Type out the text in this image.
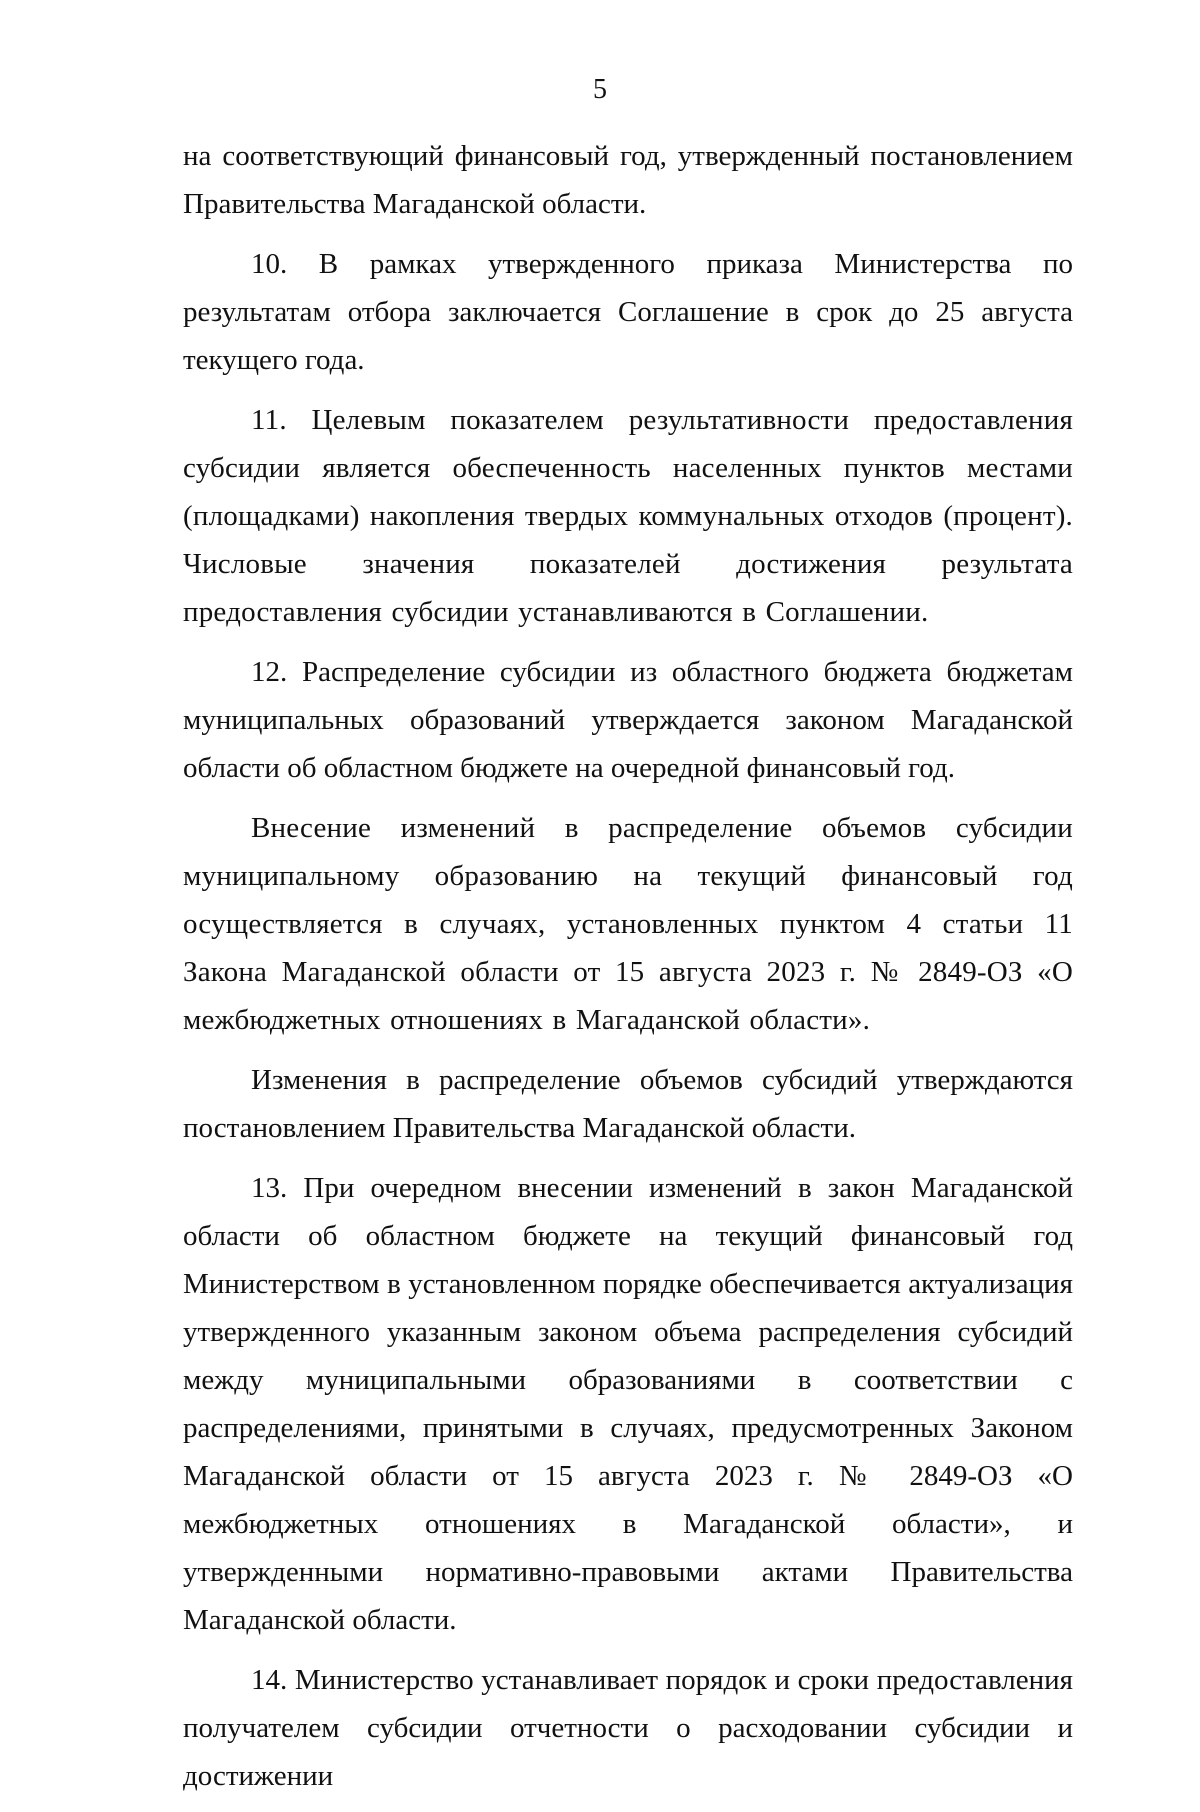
5

на соответствующий финансовый год, утвержденный постановлением Правительства Магаданской области.

10. В рамках утвержденного приказа Министерства по результатам отбора заключается Соглашение в срок до 25 августа текущего года.

11. Целевым показателем результативности предоставления субсидии является обеспеченность населенных пунктов местами (площадками) накопления твердых коммунальных отходов (процент). Числовые значения показателей достижения результата предоставления субсидии устанавливаются в Соглашении.

12. Распределение субсидии из областного бюджета бюджетам муниципальных образований утверждается законом Магаданской области об областном бюджете на очередной финансовый год.

Внесение изменений в распределение объемов субсидии муниципальному образованию на текущий финансовый год осуществляется в случаях, установленных пунктом 4 статьи 11 Закона Магаданской области от 15 августа 2023 г. № 2849-ОЗ «О межбюджетных отношениях в Магаданской области».

Изменения в распределение объемов субсидий утверждаются постановлением Правительства Магаданской области.

13. При очередном внесении изменений в закон Магаданской области об областном бюджете на текущий финансовый год Министерством в установленном порядке обеспечивается актуализация утвержденного указанным законом объема распределения субсидий между муниципальными образованиями в соответствии с распределениями, принятыми в случаях, предусмотренных Законом Магаданской области от 15 августа 2023 г. № 2849-ОЗ «О межбюджетных отношениях в Магаданской области», и утвержденными нормативно-правовыми актами Правительства Магаданской области.

14. Министерство устанавливает порядок и сроки предоставления получателем субсидии отчетности о расходовании субсидии и достижении
